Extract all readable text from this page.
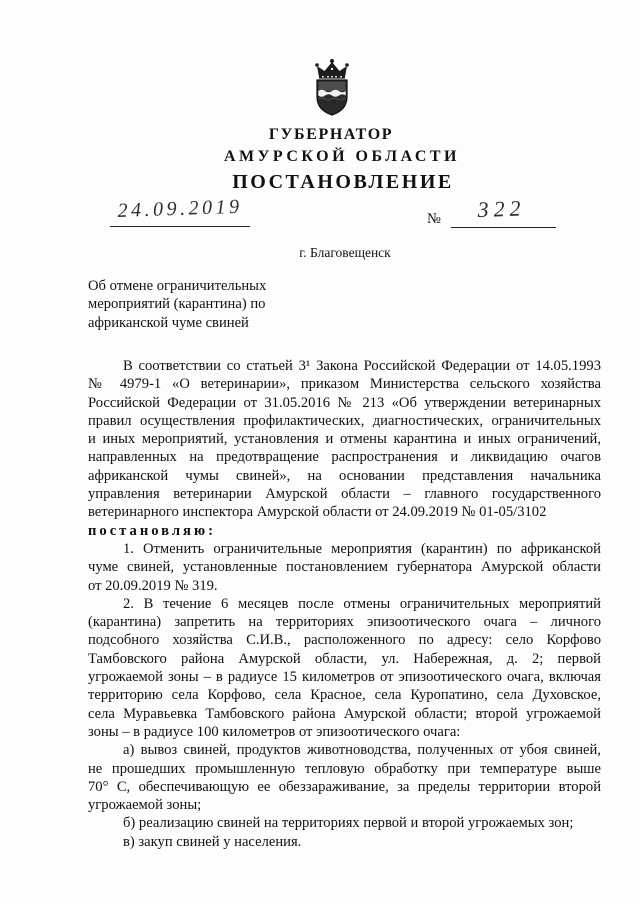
ГУБЕРНАТОР
АМУРСКОЙ ОБЛАСТИ
ПОСТАНОВЛЕНИЕ
24.09.2019	№ 322
г. Благовещенск
Об отмене ограничительных
мероприятий (карантина) по
африканской чуме свиней
В соответствии со статьей 3¹ Закона Российской Федерации от 14.05.1993
№ 4979-1 «О ветеринарии», приказом Министерства сельского хозяйства
Российской Федерации от 31.05.2016 № 213 «Об утверждении ветеринарных
правил осуществления профилактических, диагностических, ограничительных
и иных мероприятий, установления и отмены карантина и иных ограничений,
направленных на предотвращение распространения и ликвидацию очагов
африканской чумы свиней», на основании представления начальника
управления ветеринарии Амурской области – главного государственного
ветеринарного инспектора Амурской области от 24.09.2019 № 01-05/3102
постановляю:
1. Отменить ограничительные мероприятия (карантин) по африканской
чуме свиней, установленные постановлением губернатора Амурской области
от 20.09.2019 № 319.
2. В течение 6 месяцев после отмены ограничительных мероприятий
(карантина) запретить на территориях эпизоотического очага – личного
подсобного хозяйства С.И.В., расположенного по адресу: село Корфово
Тамбовского района Амурской области, ул. Набережная, д. 2; первой
угрожаемой зоны – в радиусе 15 километров от эпизоотического очага, включая
территорию села Корфово, села Красное, села Куропатино, села Духовское,
села Муравьевка Тамбовского района Амурской области; второй угрожаемой
зоны – в радиусе 100 километров от эпизоотического очага:
а) вывоз свиней, продуктов животноводства, полученных от убоя свиней,
не прошедших промышленную тепловую обработку при температуре выше
70° С, обеспечивающую ее обеззараживание, за пределы территории второй
угрожаемой зоны;
б) реализацию свиней на территориях первой и второй угрожаемых зон;
в) закуп свиней у населения.
